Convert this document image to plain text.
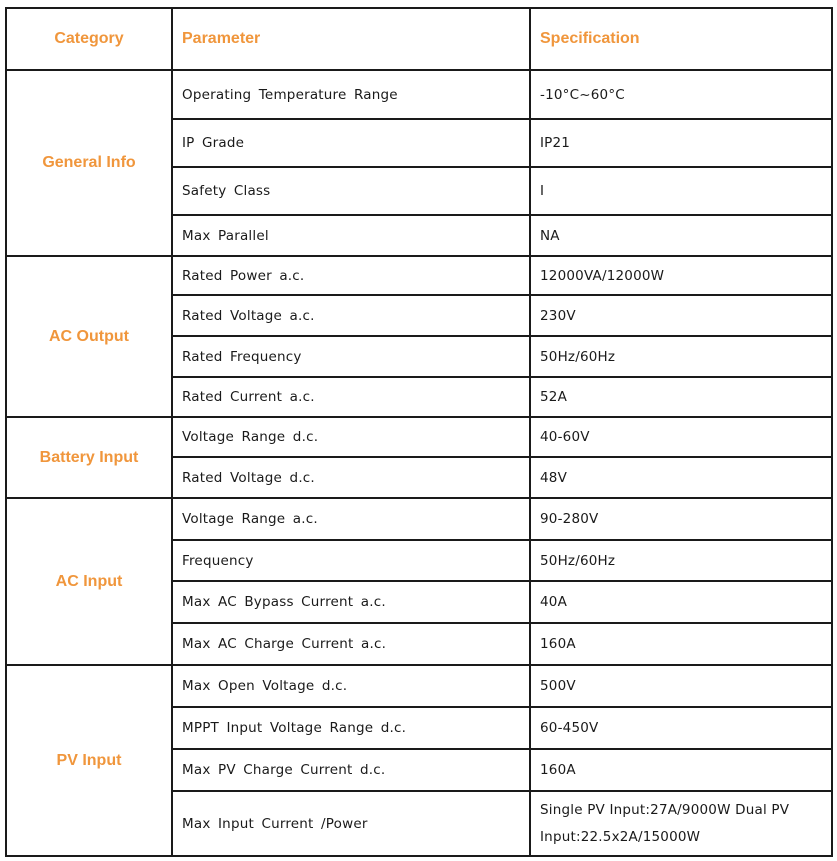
Category	Parameter	Specification

General Info	Operating Temperature Range	-10°C~60°C
	IP Grade	IP21
	Safety Class	I
	Max Parallel	NA
AC Output	Rated Power a.c.	12000VA/12000W
	Rated Voltage a.c.	230V
	Rated Frequency	50Hz/60Hz
	Rated Current a.c.	52A
Battery Input	Voltage Range d.c.	40-60V
	Rated Voltage d.c.	48V
AC Input	Voltage Range a.c.	90-280V
	Frequency	50Hz/60Hz
	Max AC Bypass Current a.c.	40A
	Max AC Charge Current a.c.	160A
PV Input	Max Open Voltage d.c.	500V
	MPPT Input Voltage Range d.c.	60-450V
	Max PV Charge Current d.c.	160A
	Max Input Current /Power	Single PV Input:27A/9000W Dual PV Input:22.5x2A/15000W
